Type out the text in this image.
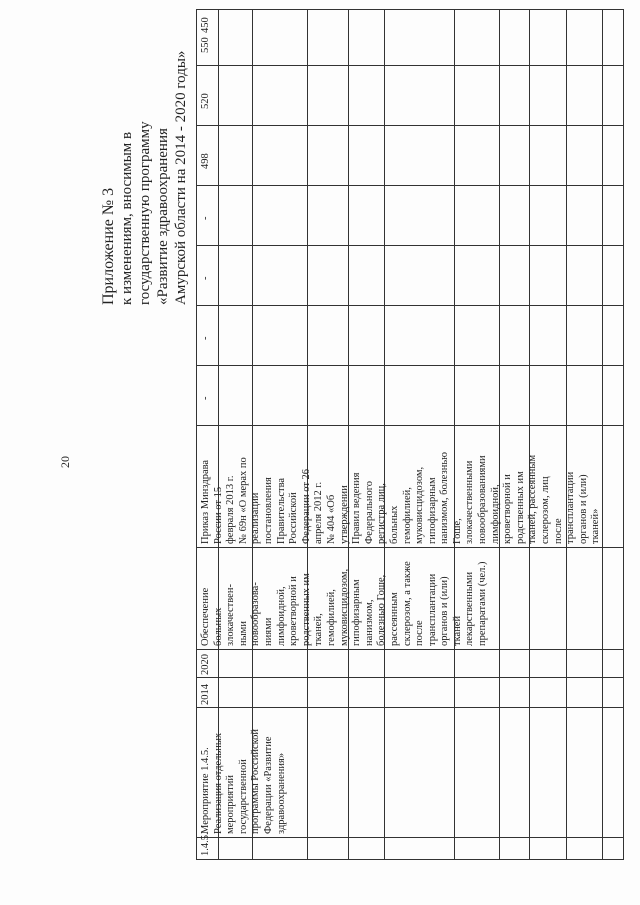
20
Приложение № 3 к изменениям, вносимым в государственную программу «Развитие здравоохранения Амурской области на 2014 - 2020 годы»
1.4.5.
Мероприятие 1.4.5.
Реализация отдельных
мероприятий
государственной
программы Российской
Федерации «Развитие
здравоохранения»
2014
2020
Обеспечение
больных
злокачествен-
ными
новообразова-
ниями
лимфоидной,
кроветворной и
родственных им
тканей,
гемофилией,
муковисцидозом,
гипофизарным
нанизмом,
болезнью Гоше,
рассеянным
склерозом, а также
после
трансплантации
органов и (или)
тканей
лекарственными
препаратами (чел.)
Приказ Минздрава
России от 15
февраля 2013 г.
№ 69н «О мерах по
реализации
постановления
Правительства
Российской
Федерации от 26
апреля 2012 г.
№ 404 «Об
утверждении
Правил ведения
Федерального
регистра лиц,
больных
гемофилией,
муковисцидозом,
гипофизарным
нанизмом, болезнью
Гоше,
злокачественными
новообразованиями
лимфоидной,
кроветворной и
родственных им
тканей, рассеянным
склерозом, лиц
после
трансплантации
органов и (или)
тканей»
-
-
-
-
498
520
550
450
